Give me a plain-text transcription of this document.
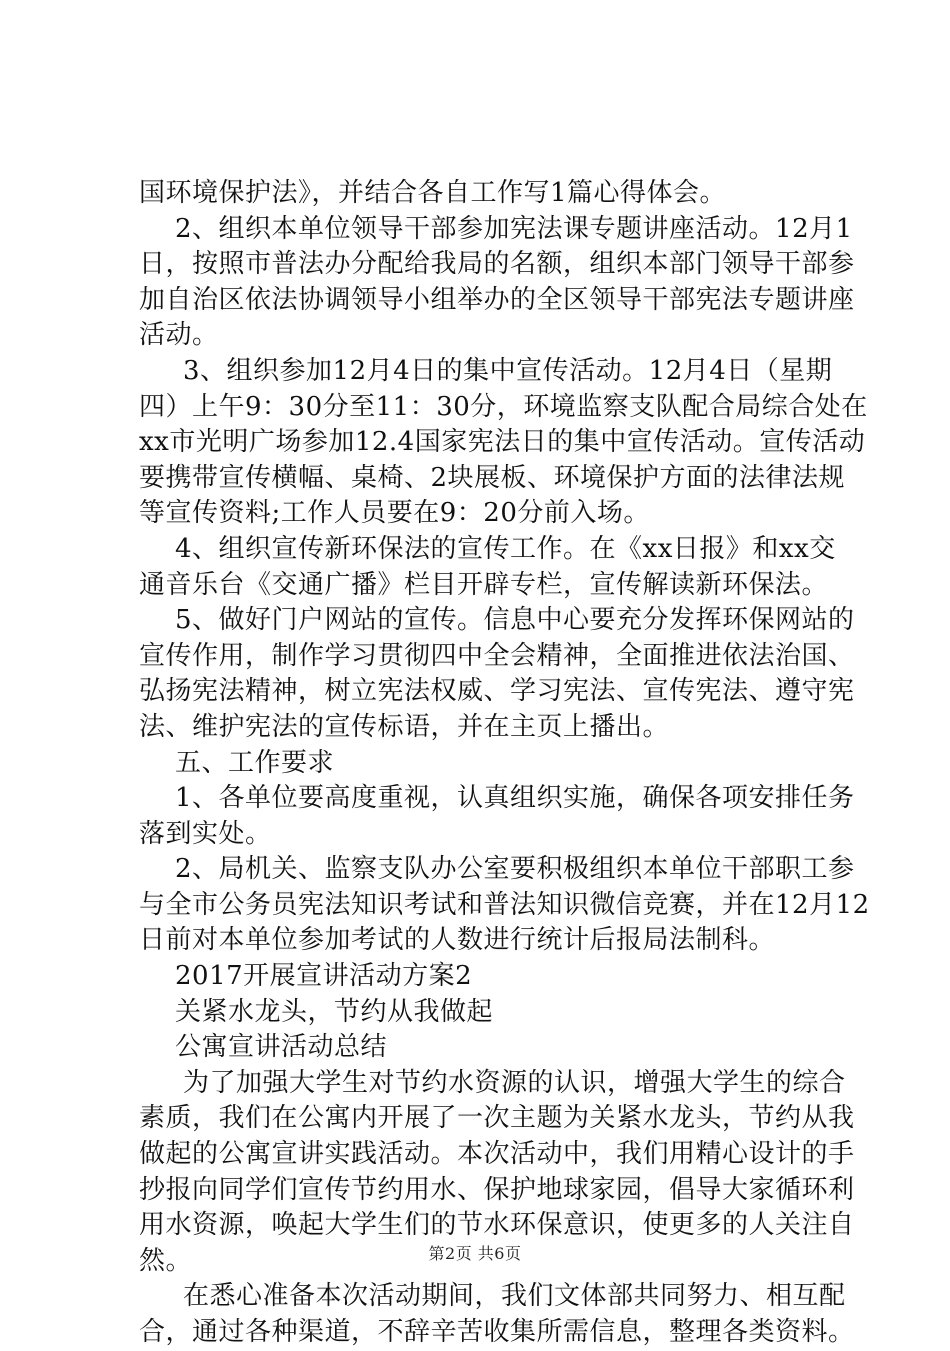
国环境保护法》，并结合各自工作写1篇心得体会。
2、组织本单位领导干部参加宪法课专题讲座活动。12月1
日，按照市普法办分配给我局的名额，组织本部门领导干部参
加自治区依法协调领导小组举办的全区领导干部宪法专题讲座
活动。
3、组织参加12月4日的集中宣传活动。12月4日（星期
四）上午9：30分至11：30分，环境监察支队配合局综合处在
xx市光明广场参加12.4国家宪法日的集中宣传活动。宣传活动
要携带宣传横幅、桌椅、2块展板、环境保护方面的法律法规
等宣传资料;工作人员要在9：20分前入场。
4、组织宣传新环保法的宣传工作。在《xx日报》和xx交
通音乐台《交通广播》栏目开辟专栏，宣传解读新环保法。
5、做好门户网站的宣传。信息中心要充分发挥环保网站的
宣传作用，制作学习贯彻四中全会精神，全面推进依法治国、
弘扬宪法精神，树立宪法权威、学习宪法、宣传宪法、遵守宪
法、维护宪法的宣传标语，并在主页上播出。
五、工作要求
1、各单位要高度重视，认真组织实施，确保各项安排任务
落到实处。
2、局机关、监察支队办公室要积极组织本单位干部职工参
与全市公务员宪法知识考试和普法知识微信竞赛，并在12月12
日前对本单位参加考试的人数进行统计后报局法制科。
2017开展宣讲活动方案2
关紧水龙头，节约从我做起
公寓宣讲活动总结
为了加强大学生对节约水资源的认识，增强大学生的综合
素质，我们在公寓内开展了一次主题为关紧水龙头，节约从我
做起的公寓宣讲实践活动。本次活动中，我们用精心设计的手
抄报向同学们宣传节约用水、保护地球家园，倡导大家循环利
用水资源，唤起大学生们的节水环保意识，使更多的人关注自
然。
在悉心准备本次活动期间，我们文体部共同努力、相互配
合，通过各种渠道，不辞辛苦收集所需信息，整理各类资料。
第2页 共6页
